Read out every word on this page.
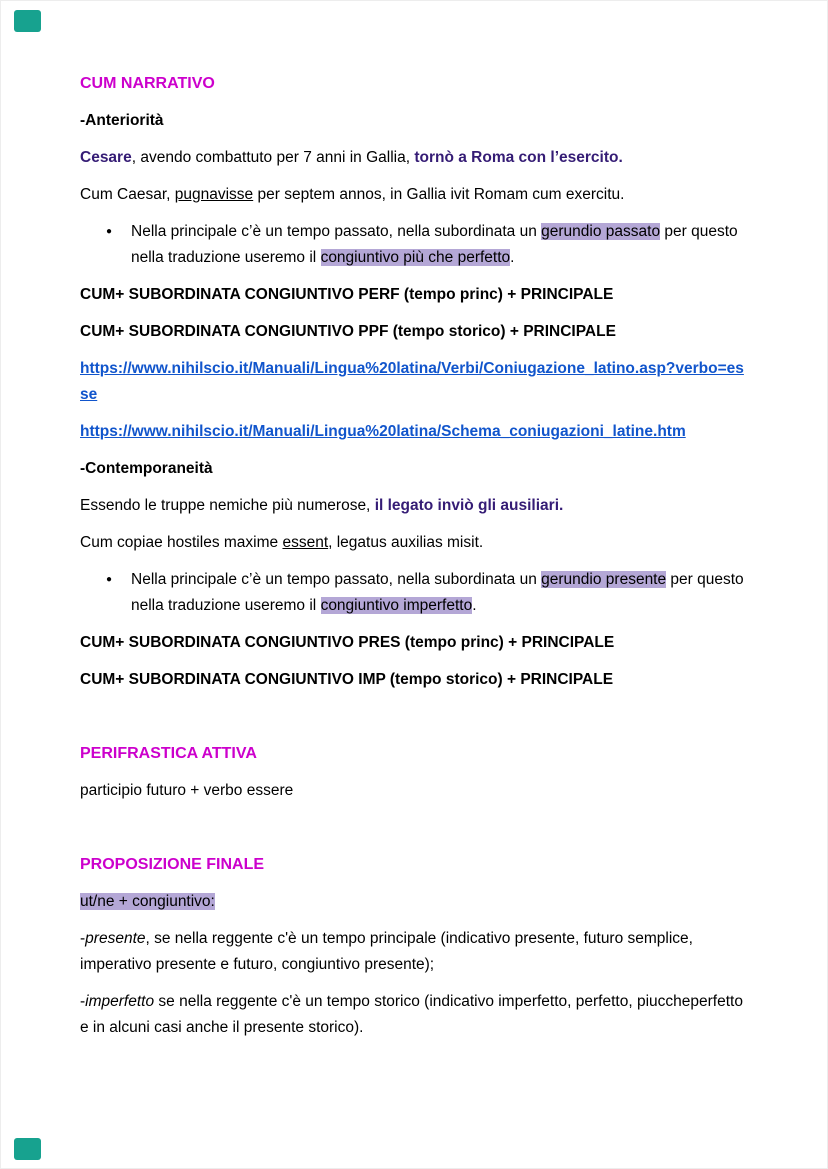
CUM NARRATIVO

-Anteriorità

Cesare, avendo combattuto per 7 anni in Gallia, tornò a Roma con l’esercito.

Cum Caesar, pugnavisse per septem annos, in Gallia ivit Romam cum exercitu.

● Nella principale c’è un tempo passato, nella subordinata un gerundio passato per questo nella traduzione useremo il congiuntivo più che perfetto.

CUM+ SUBORDINATA CONGIUNTIVO PERF (tempo princ) + PRINCIPALE

CUM+ SUBORDINATA CONGIUNTIVO PPF (tempo storico) + PRINCIPALE

https://www.nihilscio.it/Manuali/Lingua%20latina/Verbi/Coniugazione_latino.asp?verbo=esse

https://www.nihilscio.it/Manuali/Lingua%20latina/Schema_coniugazioni_latine.htm

-Contemporaneità

Essendo le truppe nemiche più numerose, il legato inviò gli ausiliari.

Cum copiae hostiles maxime essent, legatus auxilias misit.

● Nella principale c’è un tempo passato, nella subordinata un gerundio presente per questo nella traduzione useremo il congiuntivo imperfetto.

CUM+ SUBORDINATA CONGIUNTIVO PRES (tempo princ) + PRINCIPALE

CUM+ SUBORDINATA CONGIUNTIVO IMP (tempo storico) + PRINCIPALE

PERIFRASTICA ATTIVA

participio futuro + verbo essere

PROPOSIZIONE FINALE

ut/ne + congiuntivo:

-presente, se nella reggente c'è un tempo principale (indicativo presente, futuro semplice, imperativo presente e futuro, congiuntivo presente);

-imperfetto se nella reggente c'è un tempo storico (indicativo imperfetto, perfetto, piuccheperfetto e in alcuni casi anche il presente storico).
